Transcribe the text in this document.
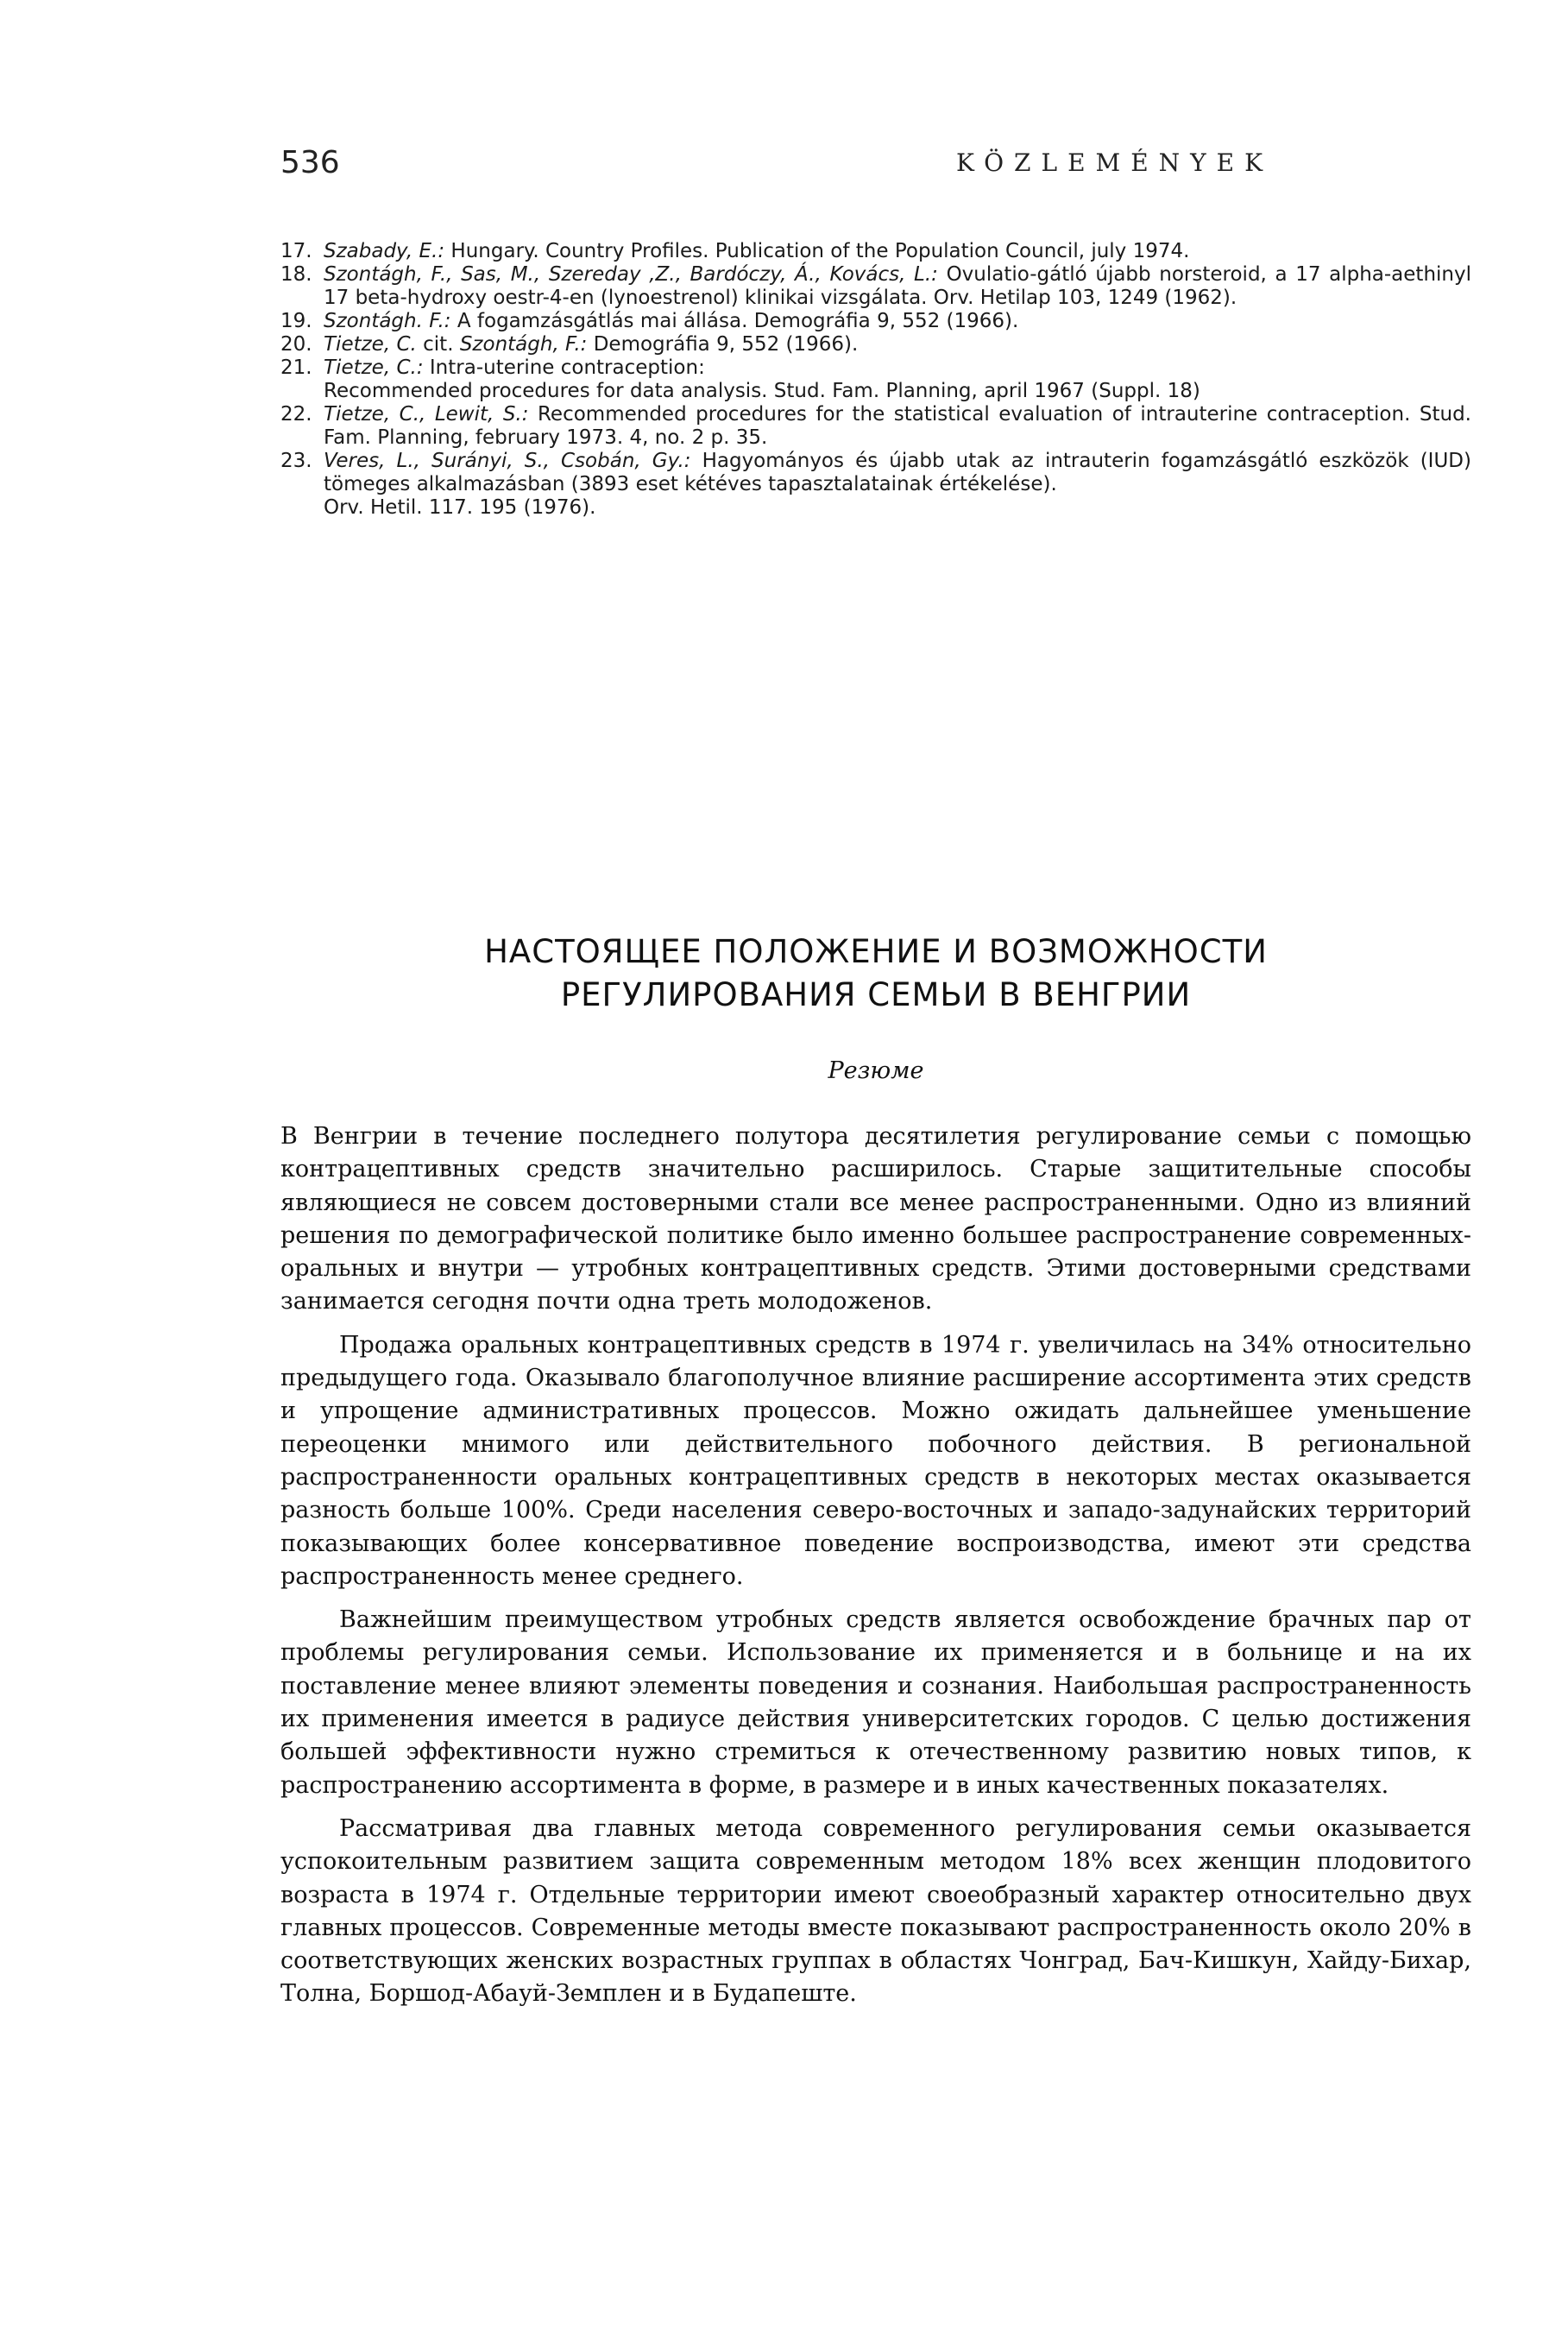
536	KÖZLEMÉNYEK
17. Szabady, E.: Hungary. Country Profiles. Publication of the Population Council, july 1974.
18. Szontágh, F., Sas, M., Szereday ,Z., Bardóczy, Á., Kovács, L.: Ovulatio-gátló újabb norsteroid, a 17 alpha-aethinyl 17 beta-hydroxy oestr-4-en (lynoestrenol) klinikai vizsgálata. Orv. Hetilap 103, 1249 (1962).
19. Szontágh. F.: A fogamzásgátlás mai állása. Demográfia 9, 552 (1966).
20. Tietze, C. cit. Szontágh, F.: Demográfia 9, 552 (1966).
21. Tietze, C.: Intra-uterine contraception:
Recommended procedures for data analysis. Stud. Fam. Planning, april 1967 (Suppl. 18)
22. Tietze, C., Lewit, S.: Recommended procedures for the statistical evaluation of intrauterine contraception. Stud. Fam. Planning, february 1973. 4, no. 2 p. 35.
23. Veres, L., Surányi, S., Csobán, Gy.: Hagyományos és újabb utak az intrauterin fogamzásgátló eszközök (IUD) tömeges alkalmazásban (3893 eset kétéves tapasztalatainak értékelése).
Orv. Hetil. 117. 195 (1976).
НАСТОЯЩЕЕ ПОЛОЖЕНИЕ И ВОЗМОЖНОСТИ
РЕГУЛИРОВАНИЯ СЕМЬИ В ВЕНГРИИ
Резюме

В Венгрии в течение последнего полутора десятилетия регулирование семьи с помощью контрацептивных средств значительно расширилось. Старые защитительные способы являющиеся не совсем достоверными стали все менее распространенными. Одно из влияний решения по демографической политике было именно большее распространение современных-оральных и внутри — утробных контрацептивных средств. Этими достоверными средствами занимается сегодня почти одна треть молодоженов.

Продажа оральных контрацептивных средств в 1974 г. увеличилась на 34% относительно предыдущего года. Оказывало благополучное влияние расширение ассортимента этих средств и упрощение административных процессов. Можно ожидать дальнейшее уменьшение переоценки мнимого или действительного побочного действия. В региональной распространенности оральных контрацептивных средств в некоторых местах оказывается разность больше 100%. Среди населения северо-восточных и западо-задунайских территорий показывающих более консервативное поведение воспроизводства, имеют эти средства распространенность менее среднего.

Важнейшим преимуществом утробных средств является освобождение брачных пар от проблемы регулирования семьи. Использование их применяется и в больнице и на их поставление менее влияют элементы поведения и сознания. Наибольшая распространенность их применения имеется в радиусе действия университетских городов. С целью достижения большей эффективности нужно стремиться к отечественному развитию новых типов, к распространению ассортимента в форме, в размере и в иных качественных показателях.

Рассматривая два главных метода современного регулирования семьи оказывается успокоительным развитием защита современным методом 18% всех женщин плодовитого возраста в 1974 г. Отдельные территории имеют своеобразный характер относительно двух главных процессов. Современные методы вместе показывают распространенность около 20% в соответствующих женских возрастных группах в областях Чонград, Бач-Кишкун, Хайду-Бихар, Толна, Боршод-Абауй-Земплен и в Будапеште.
